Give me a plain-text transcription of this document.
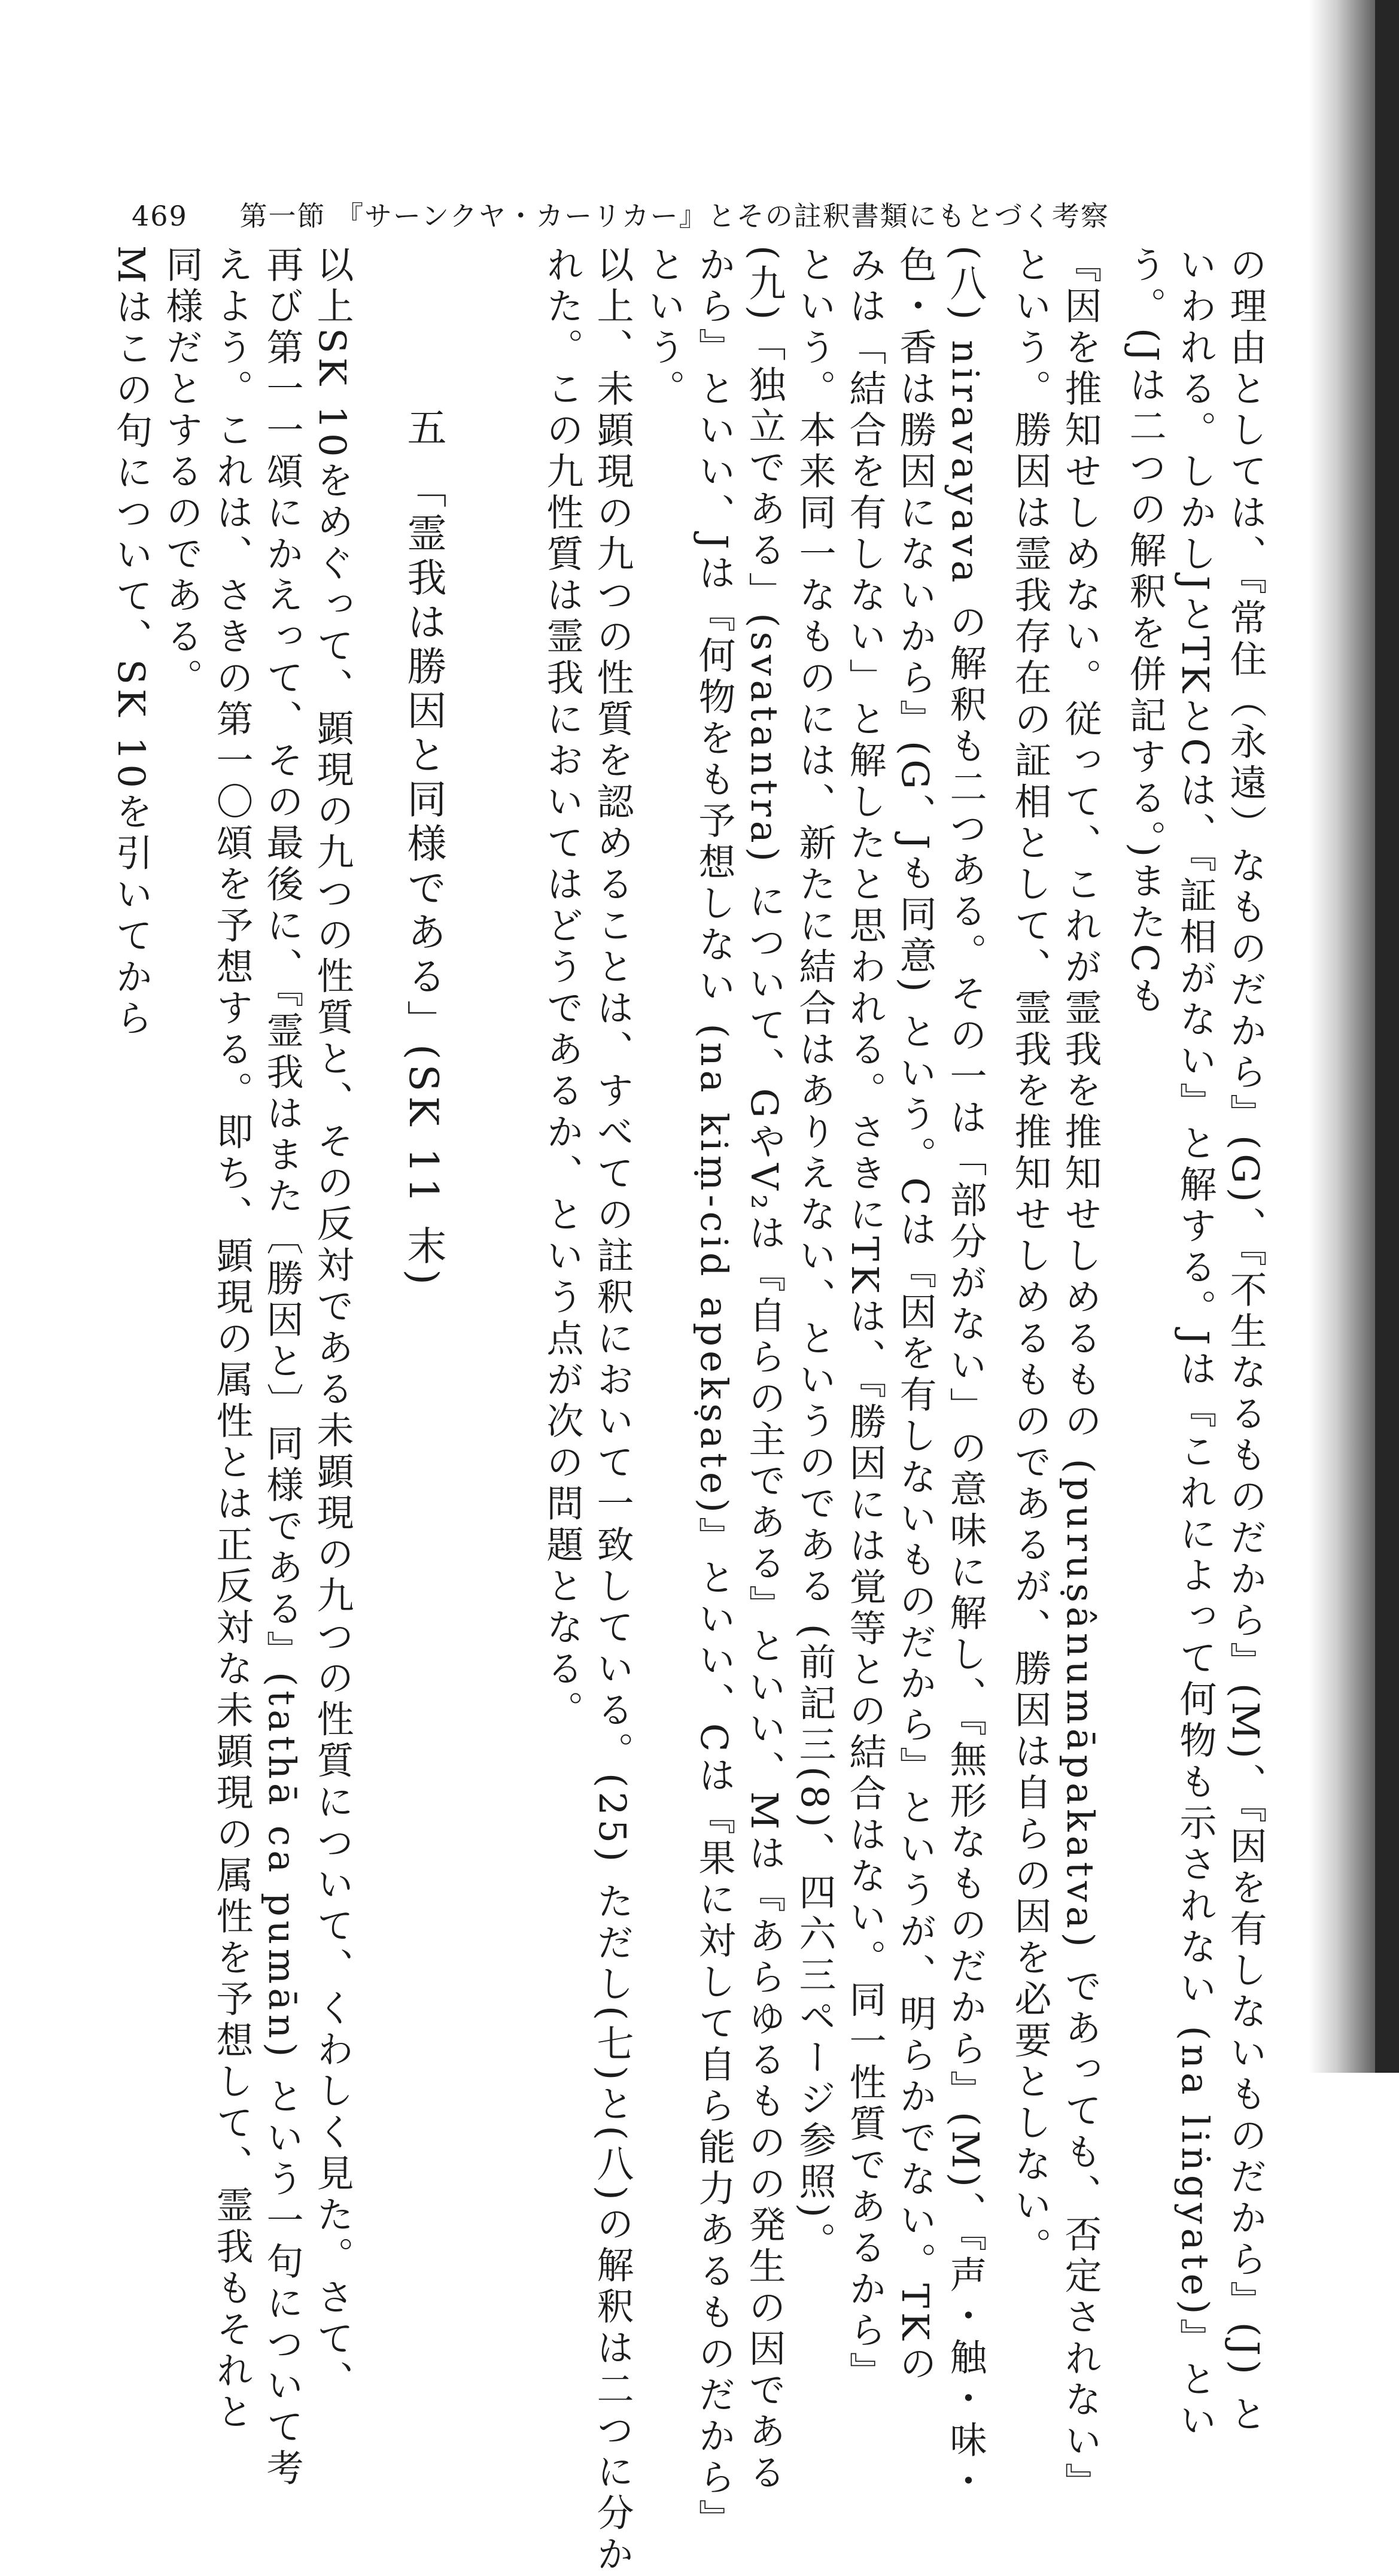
469 第一節 『サーンクヤ・カーリカー』とその註釈書類にもとづく考察
の理由としては、『常住（永遠）なものだから』(G)、『不生なるものだから』(M)、『因を有しないものだから』(J) と
いわれる。しかしJとTKとCは、『証相がない』と解する。Jは『これによって何物も示されない (na liṅgyate)』とい
う。(Jは二つの解釈を併記する。)またCも
『因を推知せしめない。従って、これが霊我を推知せしめるもの (puruṣânumāpakatva) であっても、否定されない』
という。勝因は霊我存在の証相として、霊我を推知せしめるものであるが、勝因は自らの因を必要としない。
(八) niravayava の解釈も二つある。その一は「部分がない」の意味に解し、『無形なものだから』(M)、『声・触・味・
色・香は勝因にないから』(G、Jも同意) という。Cは『因を有しないものだから』というが、明らかでない。TKの
みは「結合を有しない」と解したと思われる。さきにTKは、『勝因には覚等との結合はない。同一性質であるから』
という。本来同一なものには、新たに結合はありえない、というのである (前記三(8)、四六三ページ参照)。
(九)「独立である」(svatantra) について、GやV₂は『自らの主である』といい、Mは『あらゆるものの発生の因である
から』といい、Jは『何物をも予想しない (na kiṃ-cid apekṣate)』といい、Cは『果に対して自ら能力あるものだから』
という。
以上、未顕現の九つの性質を認めることは、すべての註釈において一致している。(25) ただし(七)と(八)の解釈は二つに分か
れた。この九性質は霊我においてはどうであるか、という点が次の問題となる。
五 「霊我は勝因と同様である」(SK 11 末)
以上SK 10をめぐって、顕現の九つの性質と、その反対である未顕現の九つの性質について、くわしく見た。さて、
再び第一一頌にかえって、その最後に、『霊我はまた〔勝因と〕同様である』(tathā ca pumān) という一句について考
えよう。これは、さきの第一〇頌を予想する。即ち、顕現の属性とは正反対な未顕現の属性を予想して、霊我もそれと
同様だとするのである。
Mはこの句について、SK 10を引いてから
